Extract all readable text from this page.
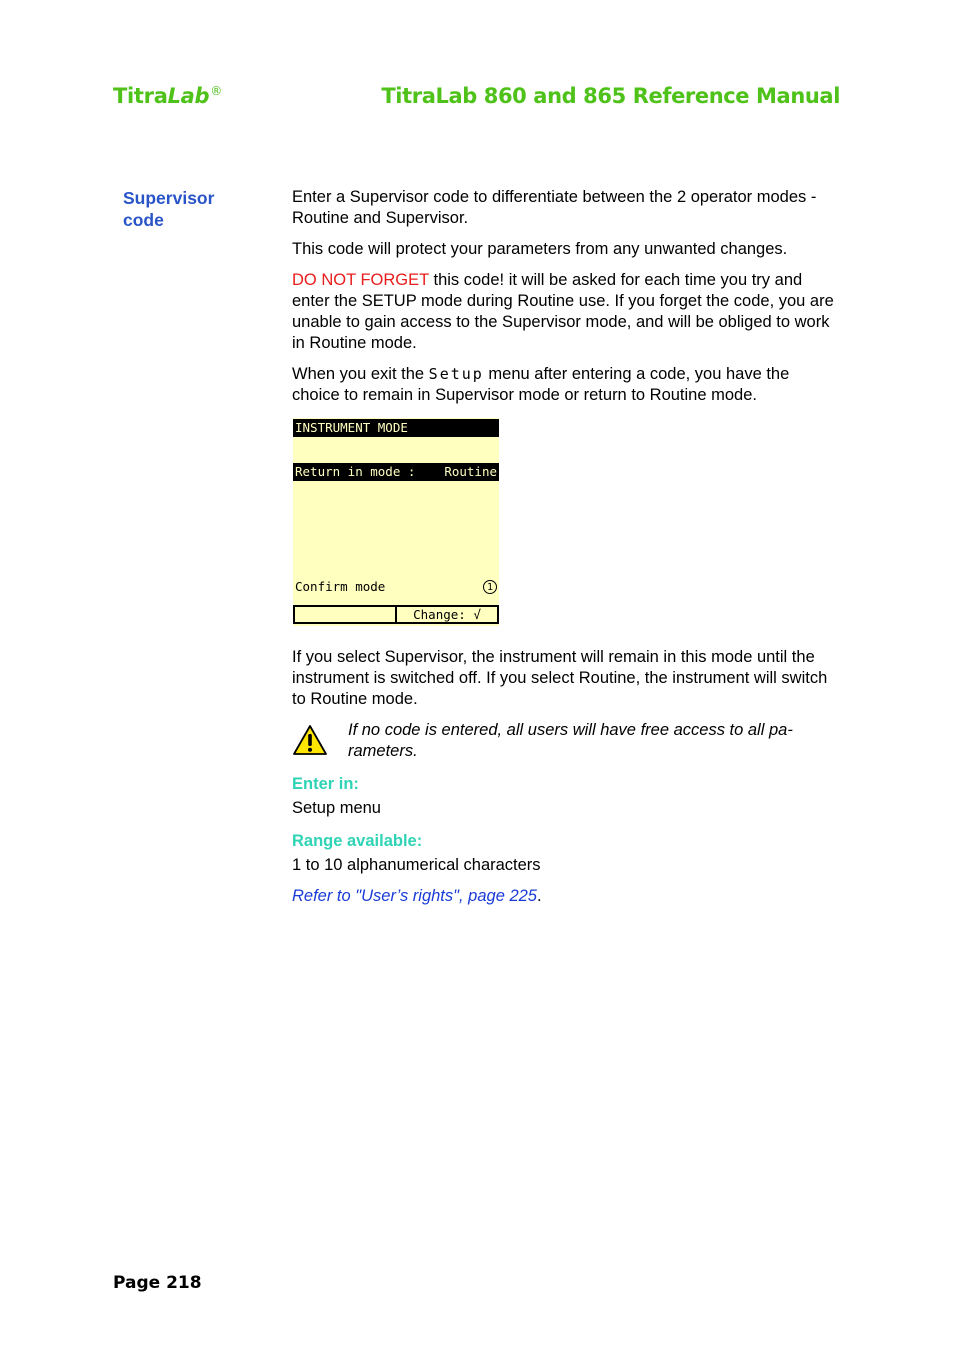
TitraLab®	TitraLab 860 and 865 Reference Manual
Supervisor
code

Enter a Supervisor code to differentiate between the 2 operator modes - Routine and Supervisor.

This code will protect your parameters from any unwanted changes.

DO NOT FORGET this code! it will be asked for each time you try and enter the SETUP mode during Routine use. If you forget the code, you are unable to gain access to the Supervisor mode, and will be obliged to work in Routine mode.

When you exit the Setup menu after entering a code, you have the choice to remain in Supervisor mode or return to Routine mode.

INSTRUMENT MODE
Return in mode : Routine
Confirm mode	1
Change: √

If you select Supervisor, the instrument will remain in this mode until the instrument is switched off. If you select Routine, the instrument will switch to Routine mode.

If no code is entered, all users will have free access to all pa-rameters.
Enter in:
Setup menu
Range available:
1 to 10 alphanumerical characters
Refer to "User’s rights", page 225.
Page 218
